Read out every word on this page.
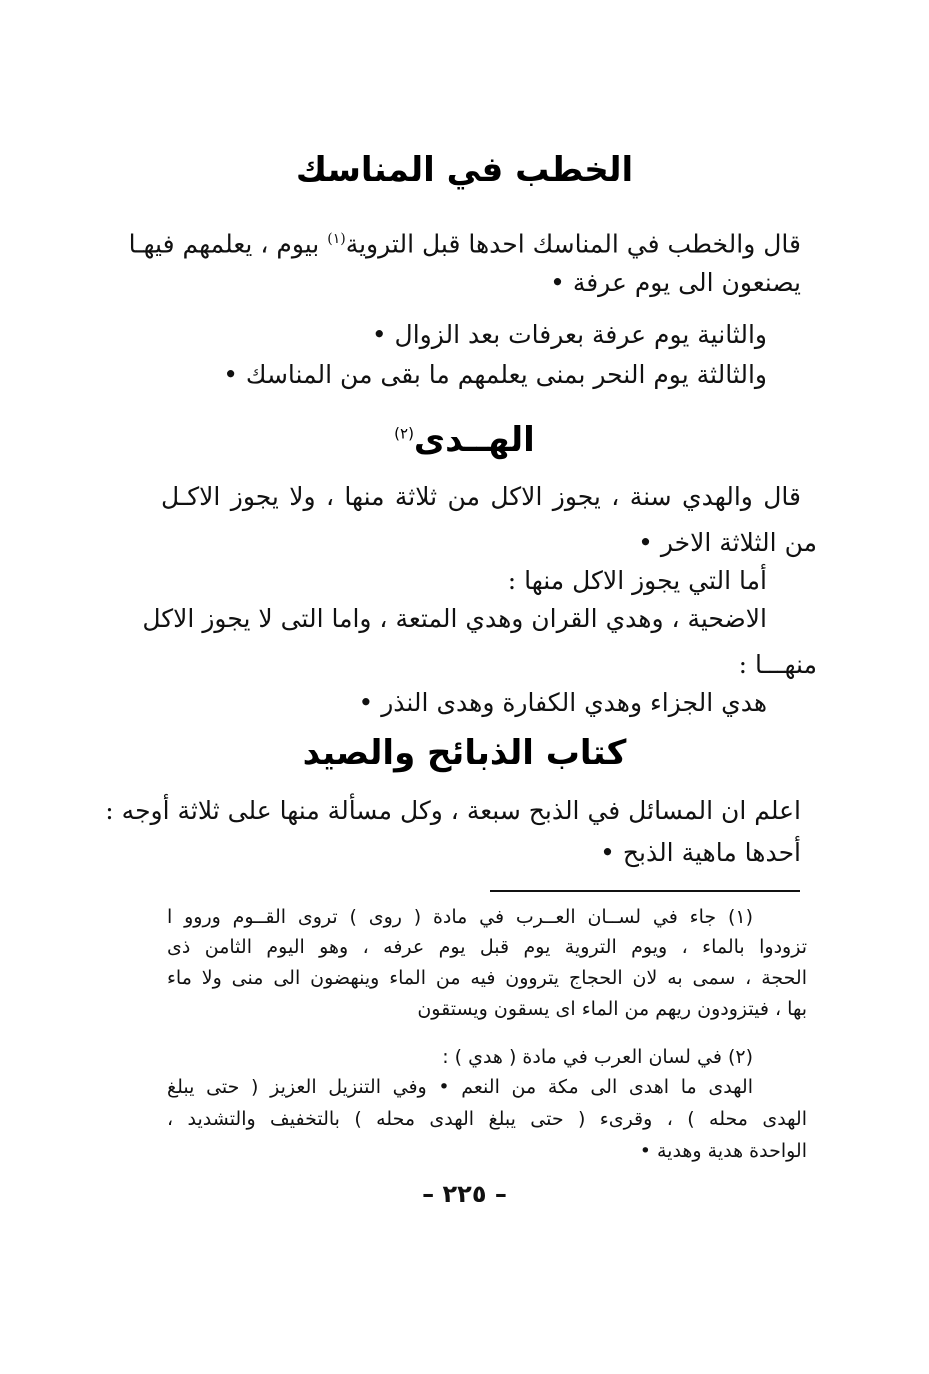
الخطب في المناسك
قال والخطب في المناسك احدها قبل التروية$^{(١)}$ بيوم ، يعلمهم فيهـا
يصنعون الى يوم عرفة •
والثانية يوم عرفة بعرفات بعد الزوال •
والثالثة يوم النحر بمنى يعلمهم ما بقى من المناسك •
الهــدى$^{(٢)}$
قال والهدي سنة ، يجوز الاكل من ثلاثة منها ، ولا يجوز الاكـل
من الثلاثة الاخر •
أما التي يجوز الاكل منها :
الاضحية ، وهدي القران وهدي المتعة ، واما التى لا يجوز الاكل
منهـــا :
هدي الجزاء وهدي الكفارة وهدى النذر •
كتاب الذبائح والصيد
اعلم ان المسائل في الذبح سبعة ، وكل مسألة منها على ثلاثة أوجه :
أحدها ماهية الذبح •
(١) جاء في لســان العــرب في مادة ( روى ) تروى القــوم وروو ا
تزودوا بالماء ، ويوم التروية يوم قبل يوم عرفه ، وهو اليوم الثامن ذى
الحجة ، سمى به لان الحجاج يتروون فيه من الماء وينهضون الى منى ولا ماء
بها ، فيتزودون ريهم من الماء اى يسقون ويستقون
(٢) في لسان العرب في مادة ( هدي ) :
الهدى ما اهدى الى مكة من النعم • وفي التنزيل العزيز ( حتى يبلغ
الهدى محله ) ، وقرىء ( حتى يبلغ الهدى محله ) بالتخفيف والتشديد ،
الواحدة هدية وهدية •
– ٢٢٥ –
